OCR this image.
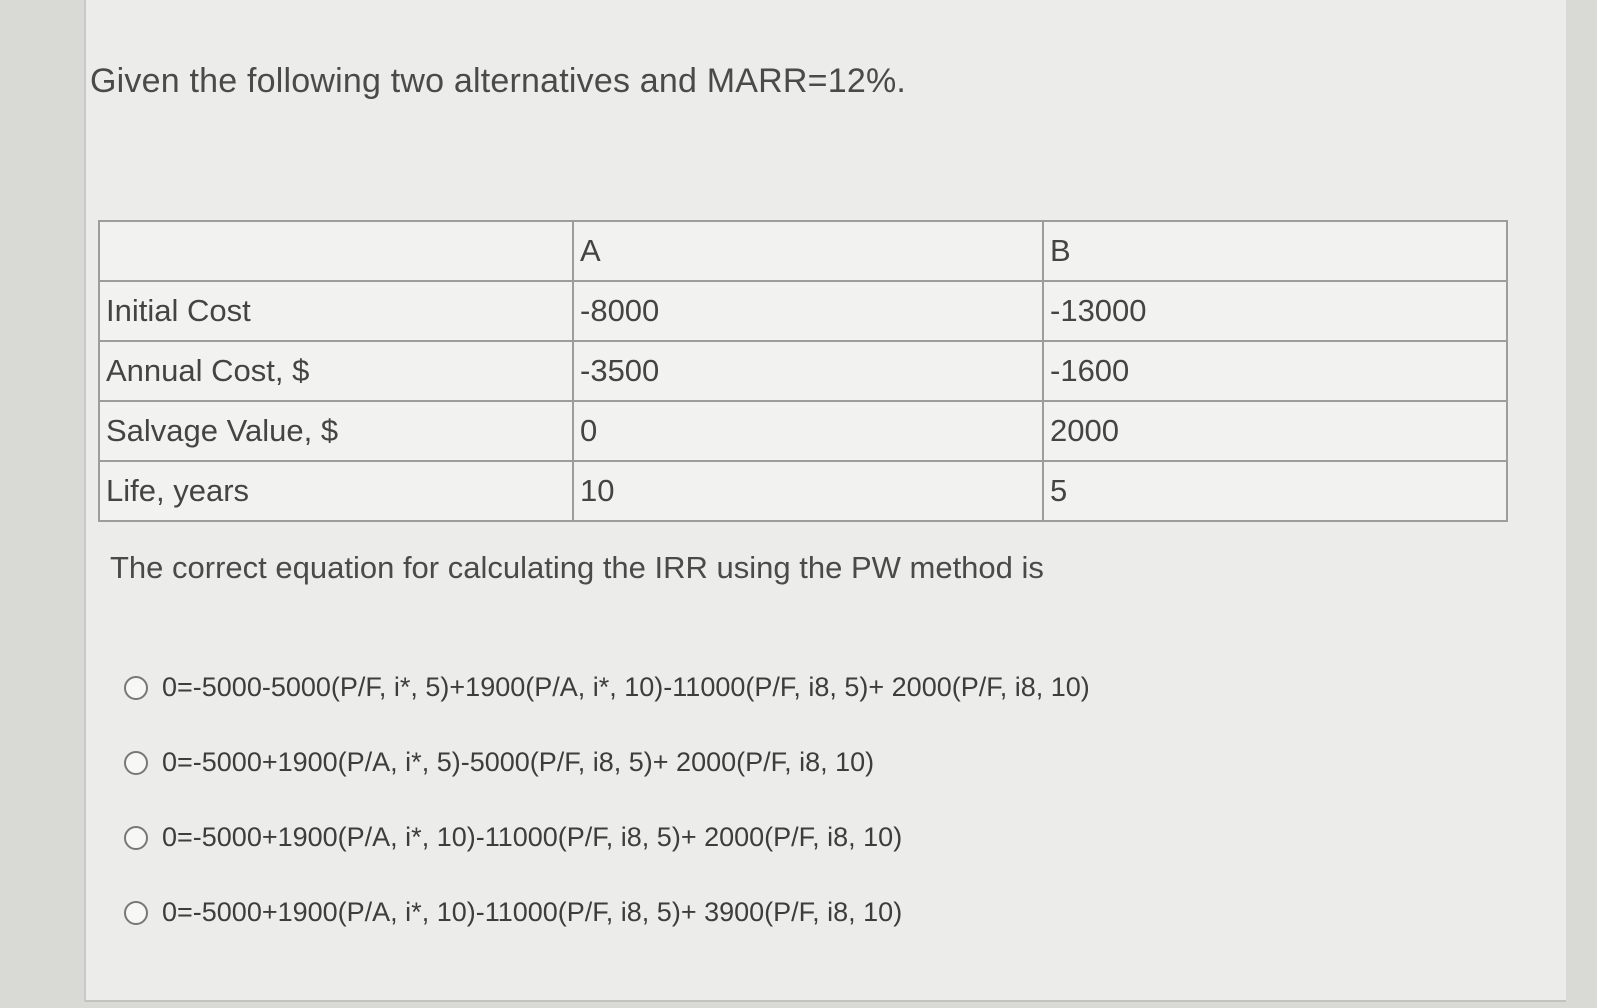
Given the following two alternatives and MARR=12%.
	A	B
Initial Cost	-8000	-13000
Annual Cost, $	-3500	-1600
Salvage Value, $	0	2000
Life, years	10	5
The correct equation for calculating the IRR using the PW method is
0=-5000-5000(P/F, i*, 5)+1900(P/A, i*, 10)-11000(P/F, i8, 5)+ 2000(P/F, i8, 10)
0=-5000+1900(P/A, i*, 5)-5000(P/F, i8, 5)+ 2000(P/F, i8, 10)
0=-5000+1900(P/A, i*, 10)-11000(P/F, i8, 5)+ 2000(P/F, i8, 10)
0=-5000+1900(P/A, i*, 10)-11000(P/F, i8, 5)+ 3900(P/F, i8, 10)
